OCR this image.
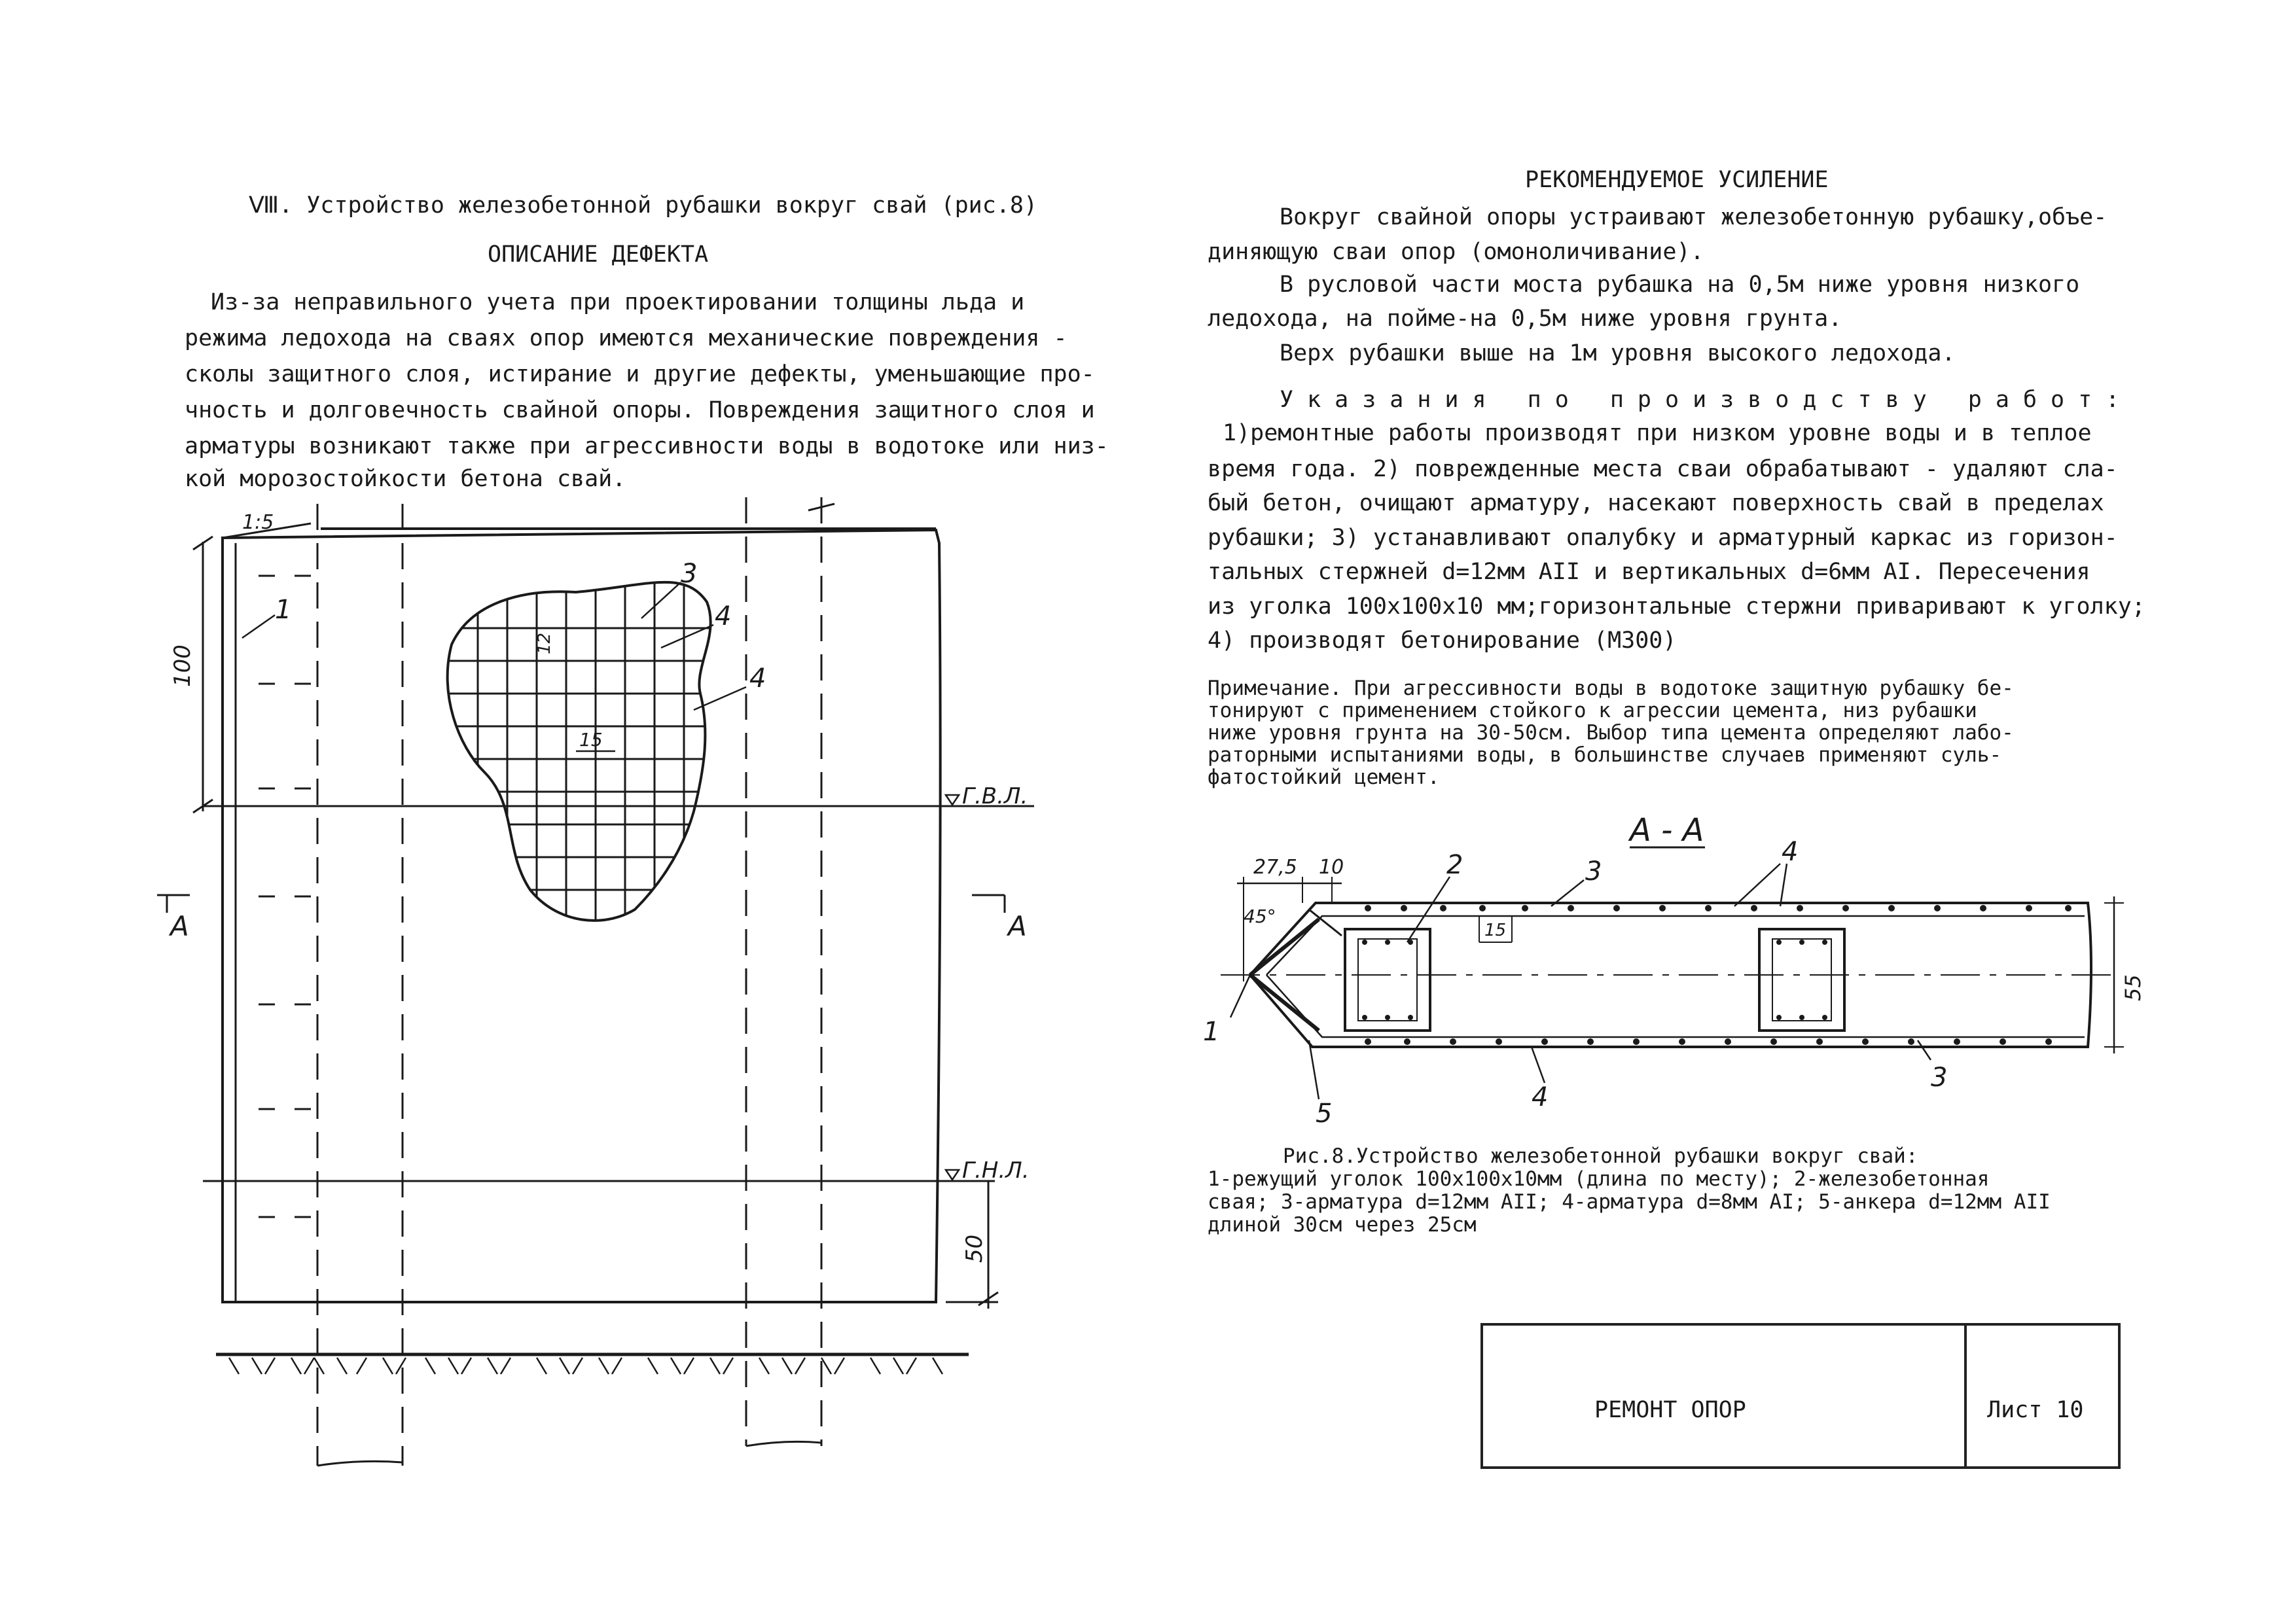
Ⅷ. Устройство железобетонной рубашки вокруг свай (рис.8)
ОПИСАНИЕ ДЕФЕКТА
Из-за неправильного учета при проектировании толщины льда и
режима ледохода на сваях опор имеются механические повреждения -
сколы защитного слоя, истирание и другие дефекты, уменьшающие про-
чность и долговечность свайной опоры. Повреждения защитного слоя и
арматуры возникают также при агрессивности воды в водотоке или низ-
кой морозостойкости бетона свай.
РЕКОМЕНДУЕМОЕ УСИЛЕНИЕ
Вокруг свайной опоры устраивают железобетонную рубашку,объе-
диняющую сваи опор (омоноличивание).
В русловой части моста рубашка на 0,5м ниже уровня низкого
ледохода, на пойме-на 0,5м ниже уровня грунта.
Верх рубашки выше на 1м уровня высокого ледохода.
Указания по производству работ:
1)ремонтные работы производят при низком уровне воды и в теплое
время года. 2) поврежденные места сваи обрабатывают - удаляют сла-
бый бетон, очищают арматуру, насекают поверхность свай в пределах
рубашки; 3) устанавливают опалубку и арматурный каркас из горизон-
тальных стержней d=12мм AII и вертикальных d=6мм AI. Пересечения
из уголка 100x100x10 мм;горизонтальные стержни приваривают к уголку;
4) производят бетонирование (М300)
Примечание. При агрессивности воды в водотоке защитную рубашку бе-
тонируют с применением стойкого к агрессии цемента, низ рубашки
ниже уровня грунта на 30-50см. Выбор типа цемента определяют лабо-
раторными испытаниями воды, в большинстве случаев применяют суль-
фатостойкий цемент.
Рис.8.Устройство железобетонной рубашки вокруг свай:
1-режущий уголок 100x100x10мм (длина по месту); 2-железобетонная
свая; 3-арматура d=12мм AII; 4-арматура d=8мм AI; 5-анкера d=12мм AII
длиной 30см через 25см
РЕМОНТ ОПОР	Лист 10
1:5
100
50
15
12
Г.В.Л.
Г.Н.Л.
A	A
1
3
4
4
А - А
27,5 10
15
55
45°
1
2	3
4
4
3
5
